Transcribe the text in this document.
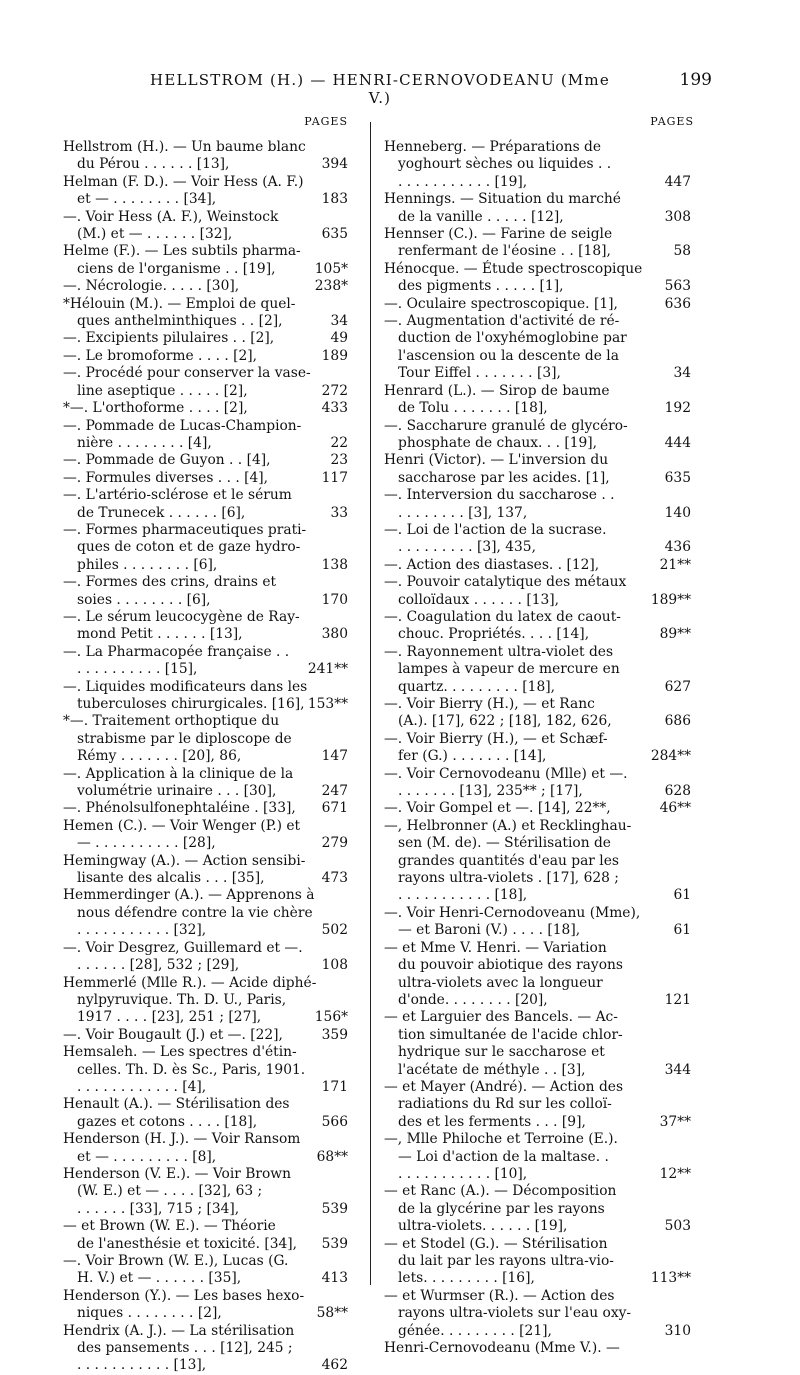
HELLSTROM (H.) — HENRI-CERNOVODEANU (Mme V.)
199
PAGES
Hellstrom (H.). — Un baume blanc
du Pérou . . . . . . [13],	394
Helman (F. D.). — Voir Hess (A. F.)
et — . . . . . . . . [34],	183
—. Voir Hess (A. F.), Weinstock
(M.) et — . . . . . . [32],	635
Helme (F.). — Les subtils pharma-
ciens de l'organisme . . [19],	105*
—. Nécrologie. . . . . [30],	238*
*Hélouin (M.). — Emploi de quel-
ques anthelminthiques . . [2],	34
—. Excipients pilulaires . . [2],	49
—. Le bromoforme . . . . [2],	189
—. Procédé pour conserver la vase-
line aseptique . . . . . [2],	272
*—. L'orthoforme . . . . [2],	433
—. Pommade de Lucas-Champion-
nière . . . . . . . . [4],	22
—. Pommade de Guyon . . [4],	23
—. Formules diverses . . . [4],	117
—. L'artério-sclérose et le sérum
de Trunecek . . . . . . [6],	33
—. Formes pharmaceutiques prati-
ques de coton et de gaze hydro-
philes . . . . . . . . [6],	138
—. Formes des crins, drains et
soies . . . . . . . . [6],	170
—. Le sérum leucocygène de Ray-
mond Petit . . . . . . [13],	380
—. La Pharmacopée française . .
. . . . . . . . . . [15],	241**
—. Liquides modificateurs dans les
tuberculoses chirurgicales. [16], 153**
*—. Traitement orthoptique du
strabisme par le diploscope de
Rémy . . . . . . . [20], 86,	147
—. Application à la clinique de la
volumétrie urinaire . . . [30],	247
—. Phénolsulfonephtaléine . [33],	671
Hemen (C.). — Voir Wenger (P.) et
— . . . . . . . . . . [28],	279
Hemingway (A.). — Action sensibi-
lisante des alcalis . . . [35],	473
Hemmerdinger (A.). — Apprenons à
nous défendre contre la vie chère
. . . . . . . . . . . [32],	502
—. Voir Desgrez, Guillemard et —.
. . . . . . [28], 532 ; [29],	108
Hemmerlé (Mlle R.). — Acide diphé-
nylpyruvique. Th. D. U., Paris,
1917 . . . . [23], 251 ; [27],	156*
—. Voir Bougault (J.) et —. [22],	359
Hemsaleh. — Les spectres d'étin-
celles. Th. D. ès Sc., Paris, 1901.
. . . . . . . . . . . . [4],	171
Henault (A.). — Stérilisation des
gazes et cotons . . . . [18],	566
Henderson (H. J.). — Voir Ransom
et — . . . . . . . . . [8],	68**
Henderson (V. E.). — Voir Brown
(W. E.) et — . . . . [32], 63 ;
. . . . . . [33], 715 ; [34],	539
— et Brown (W. E.). — Théorie
de l'anesthésie et toxicité. [34],	539
—. Voir Brown (W. E.), Lucas (G.
H. V.) et — . . . . . . [35],	413
Henderson (Y.). — Les bases hexo-
niques . . . . . . . . [2],	58**
Hendrix (A. J.). — La stérilisation
des pansements . . . [12], 245 ;
. . . . . . . . . . . [13],	462
PAGES
Henneberg. — Préparations de
yoghourt sèches ou liquides . .
. . . . . . . . . . . [19],	447
Hennings. — Situation du marché
de la vanille . . . . . [12],	308
Hennser (C.). — Farine de seigle
renfermant de l'éosine . . [18],	58
Hénocque. — Étude spectroscopique
des pigments . . . . . [1],	563
—. Oculaire spectroscopique. [1],	636
—. Augmentation d'activité de ré-
duction de l'oxyhémoglobine par
l'ascension ou la descente de la
Tour Eiffel . . . . . . . [3],	34
Henrard (L.). — Sirop de baume
de Tolu . . . . . . . [18],	192
—. Saccharure granulé de glycéro-
phosphate de chaux. . . [19],	444
Henri (Victor). — L'inversion du
saccharose par les acides. [1],	635
—. Interversion du saccharose . .
. . . . . . . . [3], 137,	140
—. Loi de l'action de la sucrase.
. . . . . . . . . [3], 435,	436
—. Action des diastases. . [12],	21**
—. Pouvoir catalytique des métaux
colloïdaux . . . . . . [13],	189**
—. Coagulation du latex de caout-
chouc. Propriétés. . . . [14],	89**
—. Rayonnement ultra-violet des
lampes à vapeur de mercure en
quartz. . . . . . . . . [18],	627
—. Voir Bierry (H.), — et Ranc
(A.). [17], 622 ; [18], 182, 626,	686
—. Voir Bierry (H.), — et Schæf-
fer (G.) . . . . . . . [14],	284**
—. Voir Cernovodeanu (Mlle) et —.
. . . . . . . [13], 235** ; [17],	628
—. Voir Gompel et —. [14], 22**,	46**
—, Helbronner (A.) et Recklinghau-
sen (M. de). — Stérilisation de
grandes quantités d'eau par les
rayons ultra-violets . [17], 628 ;
. . . . . . . . . . . [18],	61
—. Voir Henri-Cernodoveanu (Mme),
— et Baroni (V.) . . . . [18],	61
— et Mme V. Henri. — Variation
du pouvoir abiotique des rayons
ultra-violets avec la longueur
d'onde. . . . . . . . [20],	121
— et Larguier des Bancels. — Ac-
tion simultanée de l'acide chlor-
hydrique sur le saccharose et
l'acétate de méthyle . . [3],	344
— et Mayer (André). — Action des
radiations du Rd sur les colloï-
des et les ferments . . . [9],	37**
—, Mlle Philoche et Terroine (E.).
— Loi d'action de la maltase. .
. . . . . . . . . . . [10],	12**
— et Ranc (A.). — Décomposition
de la glycérine par les rayons
ultra-violets. . . . . . [19],	503
— et Stodel (G.). — Stérilisation
du lait par les rayons ultra-vio-
lets. . . . . . . . . [16],	113**
— et Wurmser (R.). — Action des
rayons ultra-violets sur l'eau oxy-
génée. . . . . . . . . [21],	310
Henri-Cernovodeanu (Mme V.). —
